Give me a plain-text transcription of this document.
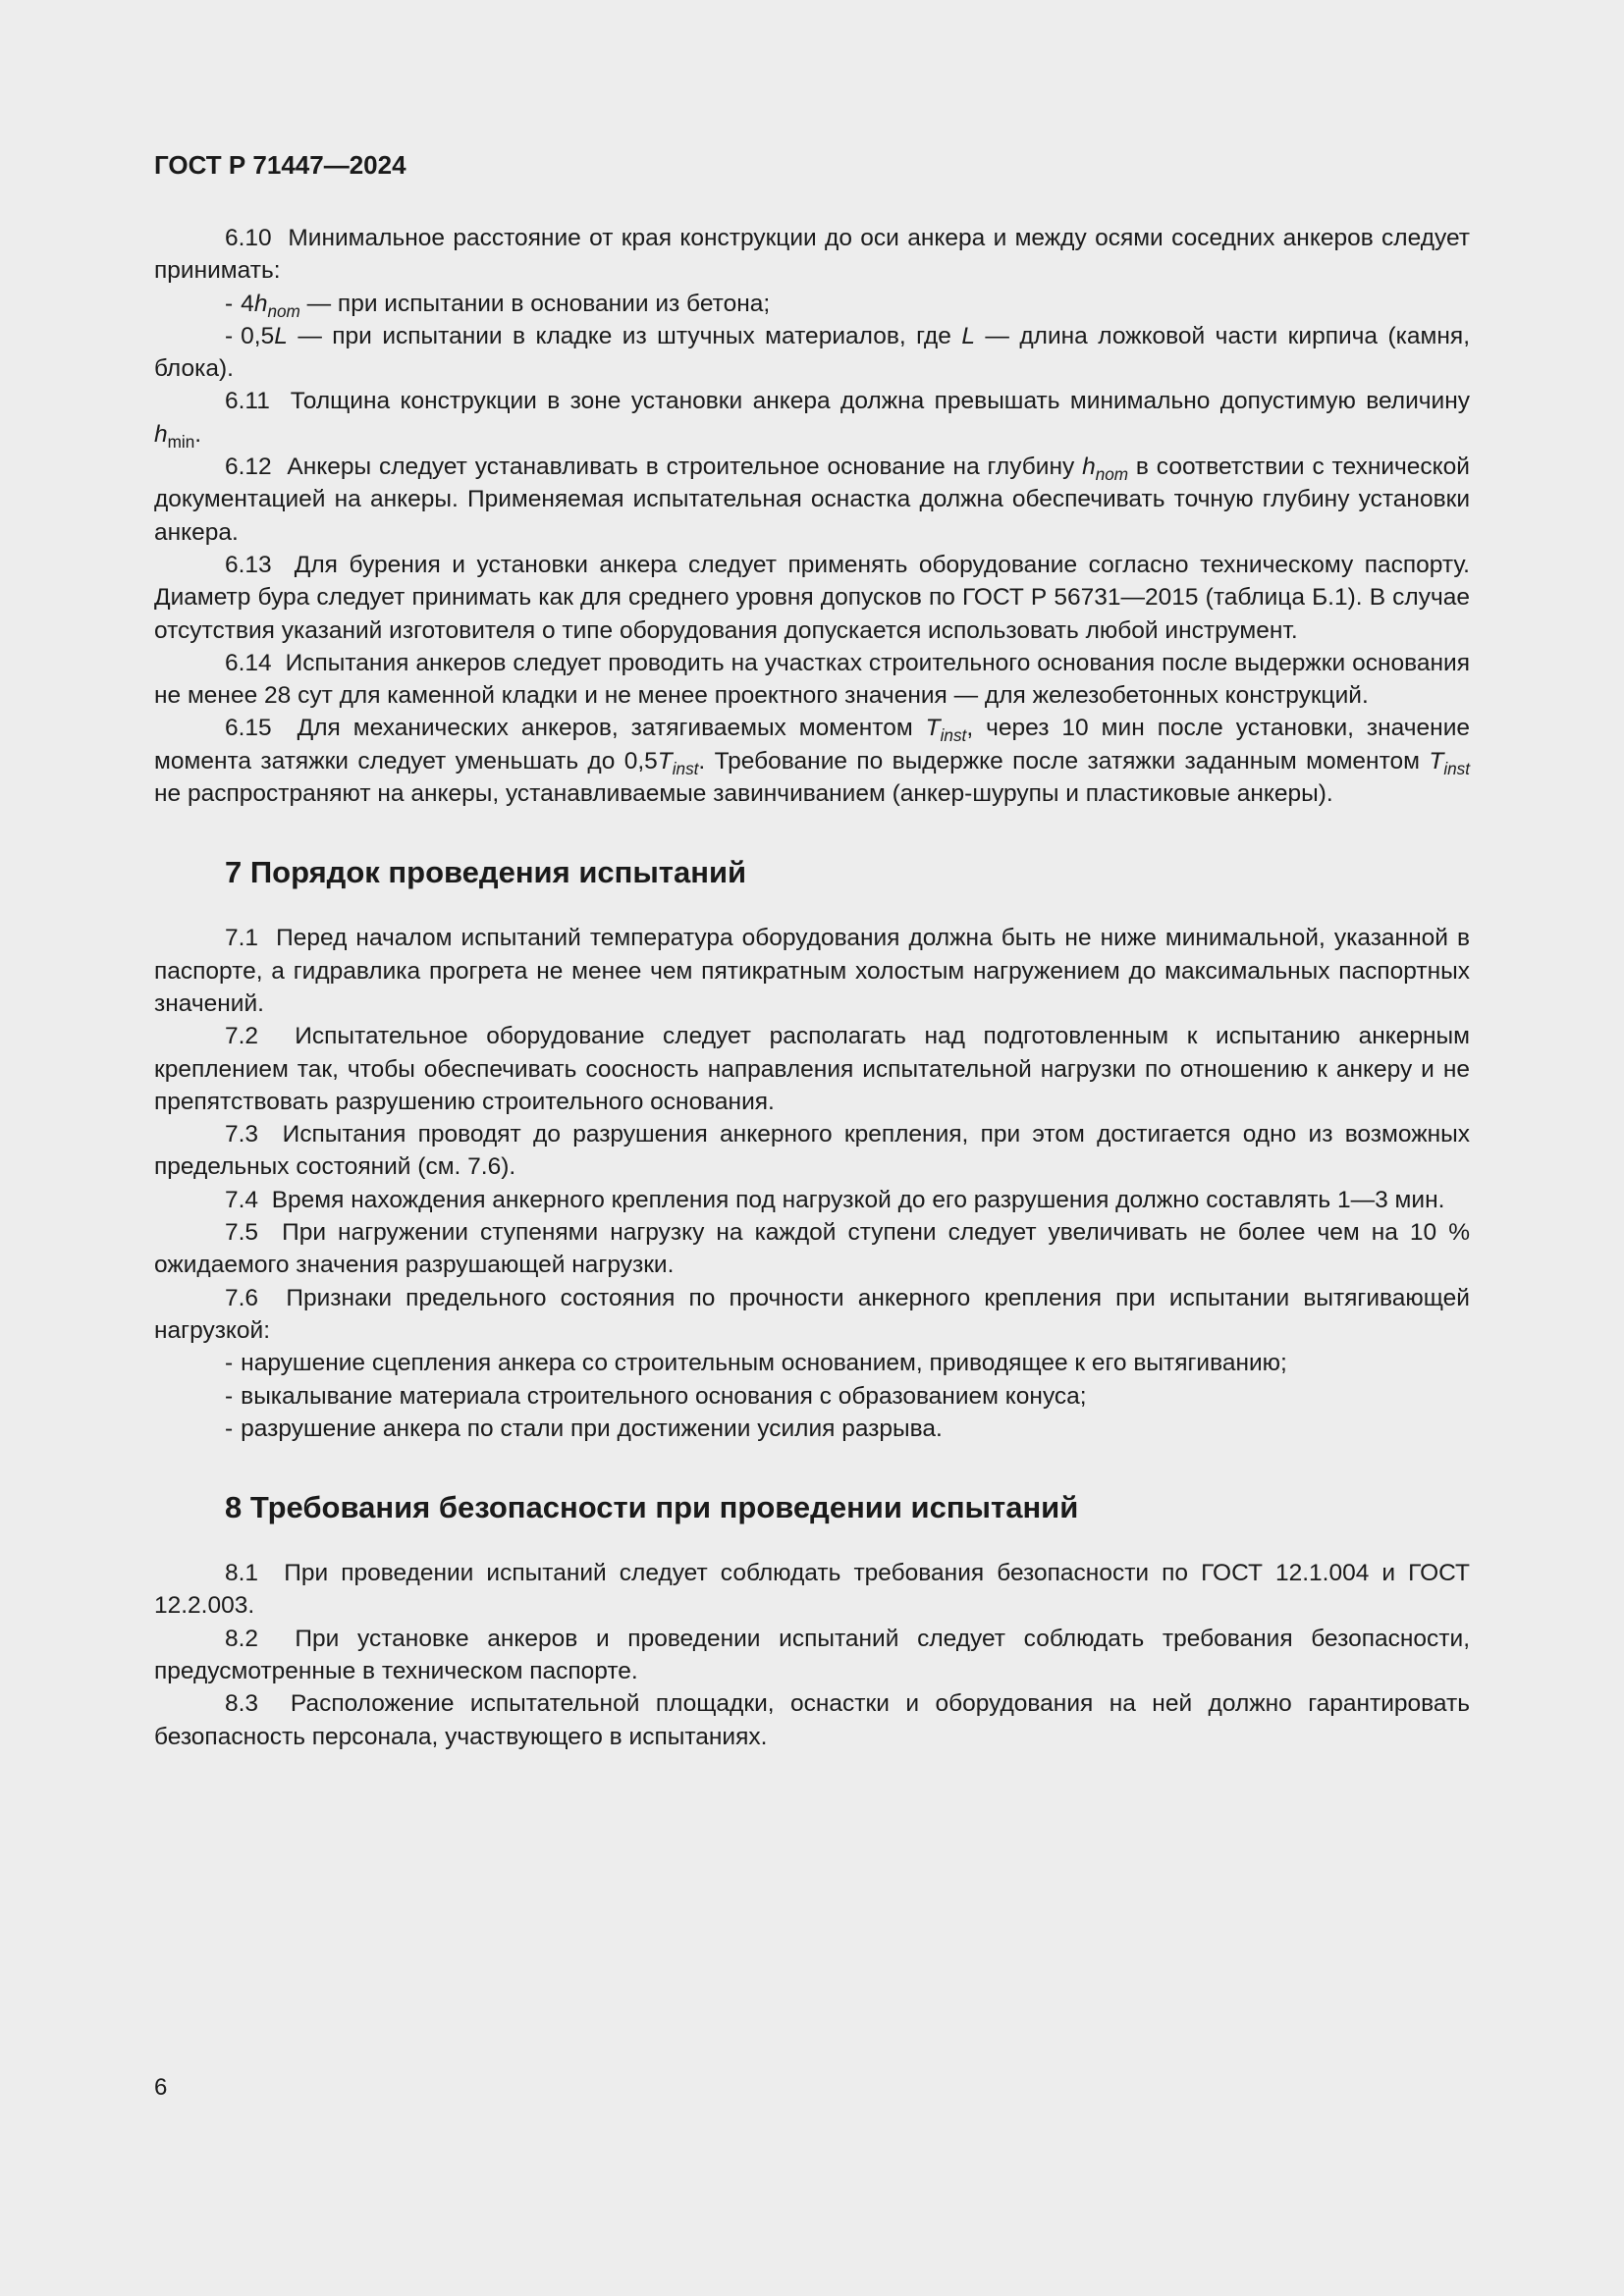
ГОСТ Р 71447—2024

6.10 Минимальное расстояние от края конструкции до оси анкера и между осями соседних анкеров следует принимать:

- $4h_{nom}$ — при испытании в основании из бетона;

- 0,5L — при испытании в кладке из штучных материалов, где L — длина ложковой части кирпича (камня, блока).

6.11 Толщина конструкции в зоне установки анкера должна превышать минимально допустимую величину $h_{min}$.

6.12 Анкеры следует устанавливать в строительное основание на глубину $h_{nom}$ в соответствии с технической документацией на анкеры. Применяемая испытательная оснастка должна обеспечивать точную глубину установки анкера.

6.13 Для бурения и установки анкера следует применять оборудование согласно техническому паспорту. Диаметр бура следует принимать как для среднего уровня допусков по ГОСТ Р 56731—2015 (таблица Б.1). В случае отсутствия указаний изготовителя о типе оборудования допускается использовать любой инструмент.

6.14 Испытания анкеров следует проводить на участках строительного основания после выдержки основания не менее 28 сут для каменной кладки и не менее проектного значения — для железобетонных конструкций.

6.15 Для механических анкеров, затягиваемых моментом $T_{inst}$, через 10 мин после установки, значение момента затяжки следует уменьшать до $0,5T_{inst}$. Требование по выдержке после затяжки заданным моментом $T_{inst}$ не распространяют на анкеры, устанавливаемые завинчиванием (анкер-шурупы и пластиковые анкеры).

7 Порядок проведения испытаний

7.1 Перед началом испытаний температура оборудования должна быть не ниже минимальной, указанной в паспорте, а гидравлика прогрета не менее чем пятикратным холостым нагружением до максимальных паспортных значений.

7.2 Испытательное оборудование следует располагать над подготовленным к испытанию анкерным креплением так, чтобы обеспечивать соосность направления испытательной нагрузки по отношению к анкеру и не препятствовать разрушению строительного основания.

7.3 Испытания проводят до разрушения анкерного крепления, при этом достигается одно из возможных предельных состояний (см. 7.6).

7.4 Время нахождения анкерного крепления под нагрузкой до его разрушения должно составлять 1—3 мин.

7.5 При нагружении ступенями нагрузку на каждой ступени следует увеличивать не более чем на 10 % ожидаемого значения разрушающей нагрузки.

7.6 Признаки предельного состояния по прочности анкерного крепления при испытании вытягивающей нагрузкой:

- нарушение сцепления анкера со строительным основанием, приводящее к его вытягиванию;

- выкалывание материала строительного основания с образованием конуса;

- разрушение анкера по стали при достижении усилия разрыва.

8 Требования безопасности при проведении испытаний

8.1 При проведении испытаний следует соблюдать требования безопасности по ГОСТ 12.1.004 и ГОСТ 12.2.003.

8.2 При установке анкеров и проведении испытаний следует соблюдать требования безопасности, предусмотренные в техническом паспорте.

8.3 Расположение испытательной площадки, оснастки и оборудования на ней должно гарантировать безопасность персонала, участвующего в испытаниях.

6
